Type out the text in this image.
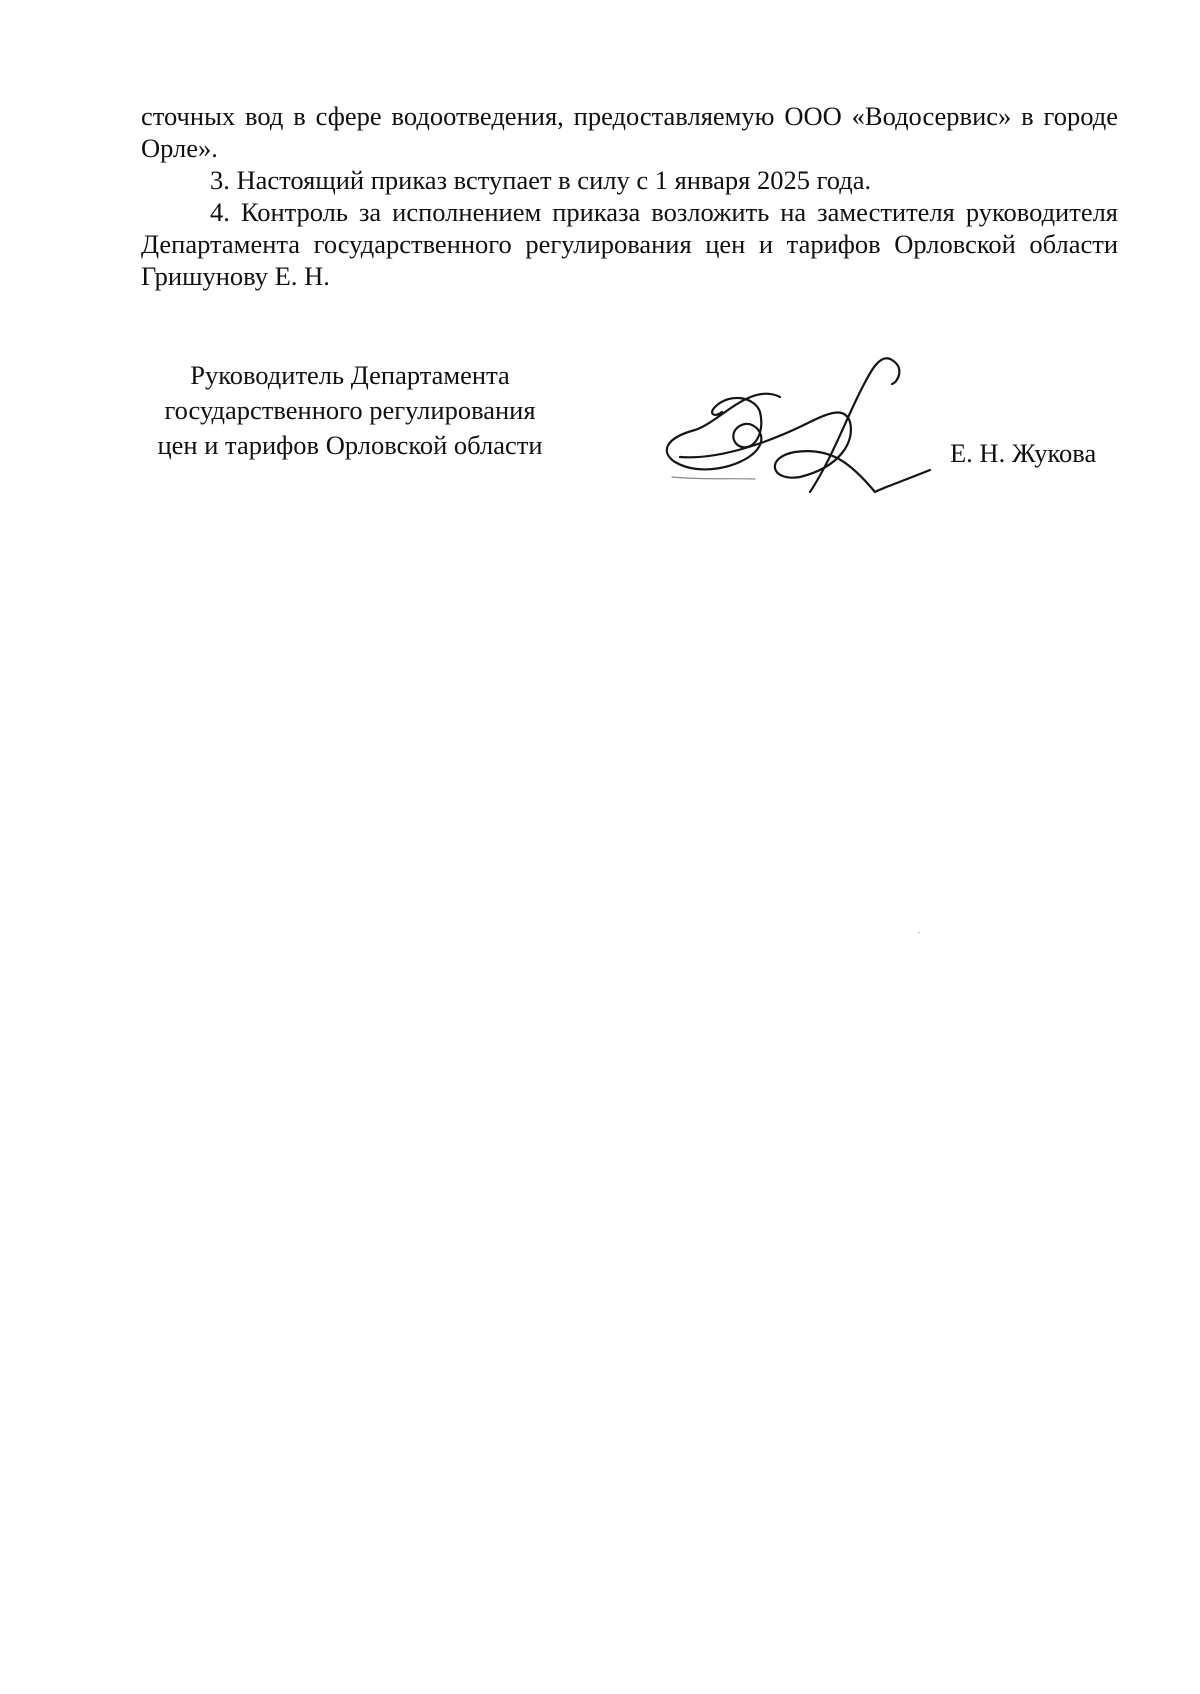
сточных вод в сфере водоотведения, предоставляемую ООО «Водосервис» в городе Орле».

3. Настоящий приказ вступает в силу с 1 января 2025 года.

4. Контроль за исполнением приказа возложить на заместителя руководителя Департамента государственного регулирования цен и тарифов Орловской области Гришунову Е. Н.

Руководитель Департамента
государственного регулирования
цен и тарифов Орловской области	Е. Н. Жукова
